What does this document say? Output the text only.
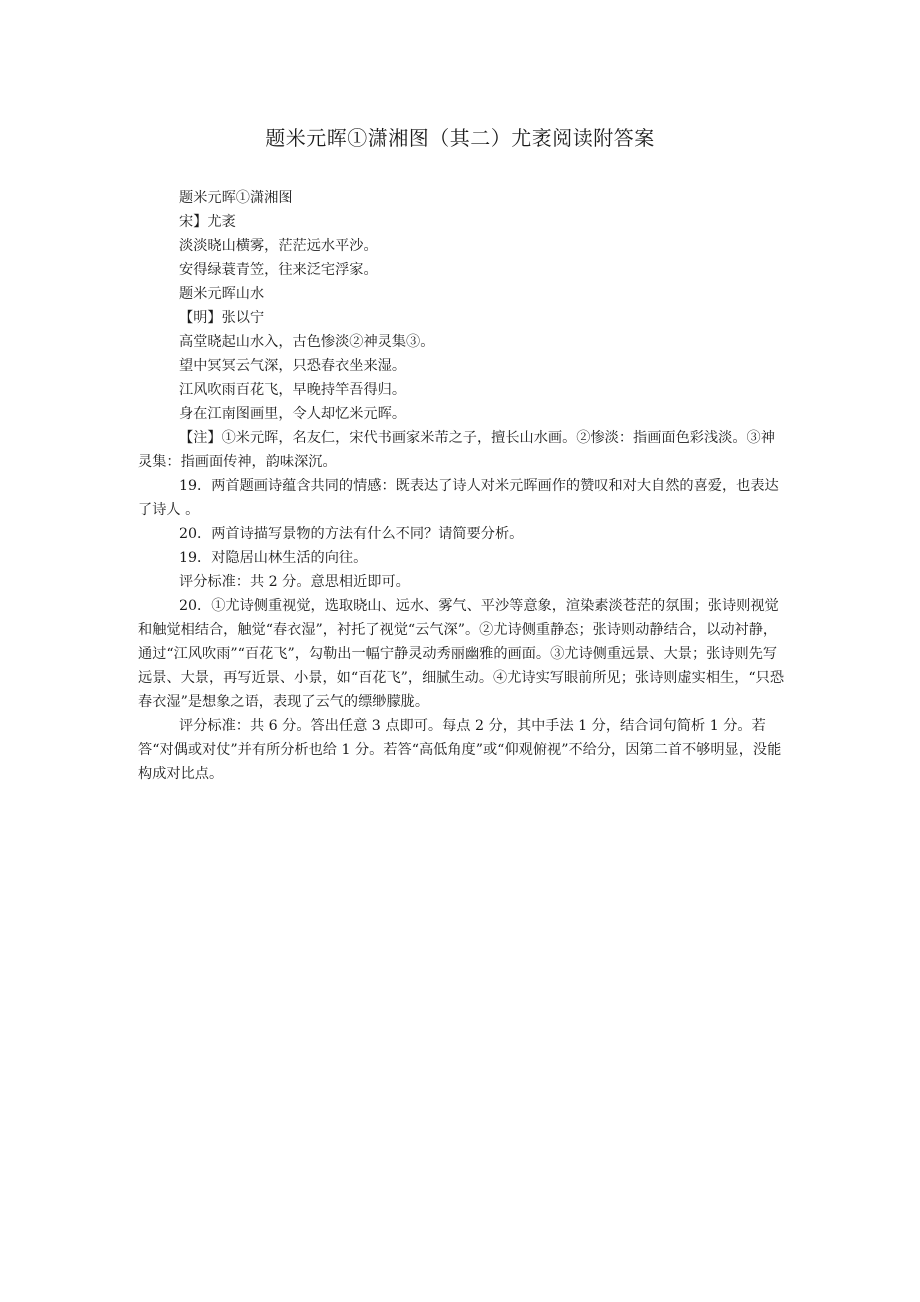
题米元晖①潇湘图（其二）尤袤阅读附答案

题米元晖①潇湘图

宋】尤袤

淡淡晓山横雾，茫茫远水平沙。

安得绿蓑青笠，往来泛宅浮家。

题米元晖山水

【明】张以宁

高堂晓起山水入，古色惨淡②神灵集③。

望中冥冥云气深，只恐春衣坐来湿。

江风吹雨百花飞，早晚持竿吾得归。

身在江南图画里，令人却忆米元晖。

【注】①米元晖，名友仁，宋代书画家米芾之子，擅长山水画。②惨淡：指画面色彩浅淡。③神灵集：指画面传神，韵味深沉。

19．两首题画诗蕴含共同的情感：既表达了诗人对米元晖画作的赞叹和对大自然的喜爱，也表达了诗人 。

20．两首诗描写景物的方法有什么不同？请简要分析。

19．对隐居山林生活的向往。

评分标准：共 2 分。意思相近即可。

20．①尤诗侧重视觉，选取晓山、远水、雾气、平沙等意象，渲染素淡苍茫的氛围；张诗则视觉和触觉相结合，触觉“春衣湿”，衬托了视觉“云气深”。②尤诗侧重静态；张诗则动静结合，以动衬静，通过“江风吹雨”“百花飞”，勾勒出一幅宁静灵动秀丽幽雅的画面。③尤诗侧重远景、大景；张诗则先写远景、大景，再写近景、小景，如“百花飞”，细腻生动。④尤诗实写眼前所见；张诗则虚实相生，“只恐春衣湿”是想象之语，表现了云气的缥缈朦胧。

评分标准：共 6 分。答出任意 3 点即可。每点 2 分，其中手法 1 分，结合词句简析 1 分。若答“对偶或对仗”并有所分析也给 1 分。若答“高低角度”或“仰观俯视”不给分，因第二首不够明显，没能构成对比点。
